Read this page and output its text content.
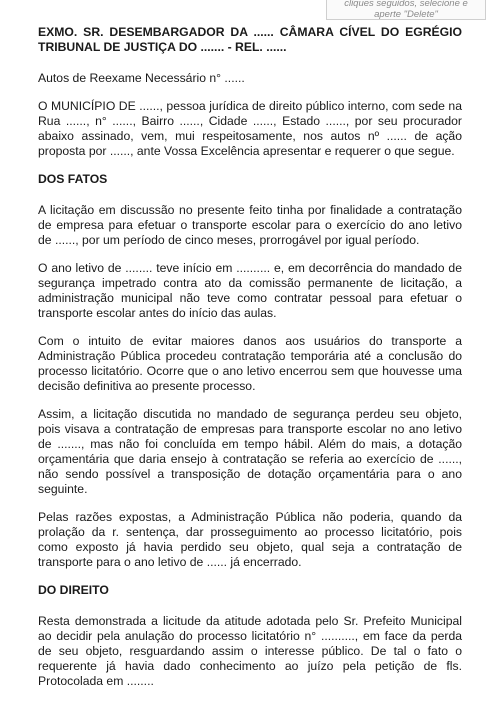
cliques seguidos, selecione e aperte "Delete"

EXMO. SR. DESEMBARGADOR DA ...... CÂMARA CÍVEL DO EGRÉGIO TRIBUNAL DE JUSTIÇA DO ....... - REL. ......

Autos de Reexame Necessário n° ......

O MUNICÍPIO DE ......, pessoa jurídica de direito público interno, com sede na Rua ......, n° ......, Bairro ......, Cidade ......, Estado ......, por seu procurador abaixo assinado, vem, mui respeitosamente, nos autos nº ...... de ação proposta por ......, ante Vossa Excelência apresentar e requerer o que segue.

DOS FATOS

A licitação em discussão no presente feito tinha por finalidade a contratação de empresa para efetuar o transporte escolar para o exercício do ano letivo de ......, por um período de cinco meses, prorrogável por igual período.

O ano letivo de ........ teve início em .......... e, em decorrência do mandado de segurança impetrado contra ato da comissão permanente de licitação, a administração municipal não teve como contratar pessoal para efetuar o transporte escolar antes do início das aulas.

Com o intuito de evitar maiores danos aos usuários do transporte a Administração Pública procedeu contratação temporária até a conclusão do processo licitatório. Ocorre que o ano letivo encerrou sem que houvesse uma decisão definitiva ao presente processo.

Assim, a licitação discutida no mandado de segurança perdeu seu objeto, pois visava a contratação de empresas para transporte escolar no ano letivo de ......., mas não foi concluída em tempo hábil. Além do mais, a dotação orçamentária que daria ensejo à contratação se referia ao exercício de ......, não sendo possível a transposição de dotação orçamentária para o ano seguinte.

Pelas razões expostas, a Administração Pública não poderia, quando da prolação da r. sentença, dar prosseguimento ao processo licitatório, pois como exposto já havia perdido seu objeto, qual seja a contratação de transporte para o ano letivo de ...... já encerrado.

DO DIREITO

Resta demonstrada a licitude da atitude adotada pelo Sr. Prefeito Municipal ao decidir pela anulação do processo licitatório n° .........., em face da perda de seu objeto, resguardando assim o interesse público. De tal o fato o requerente já havia dado conhecimento ao juízo pela petição de fls. Protocolada em ........
